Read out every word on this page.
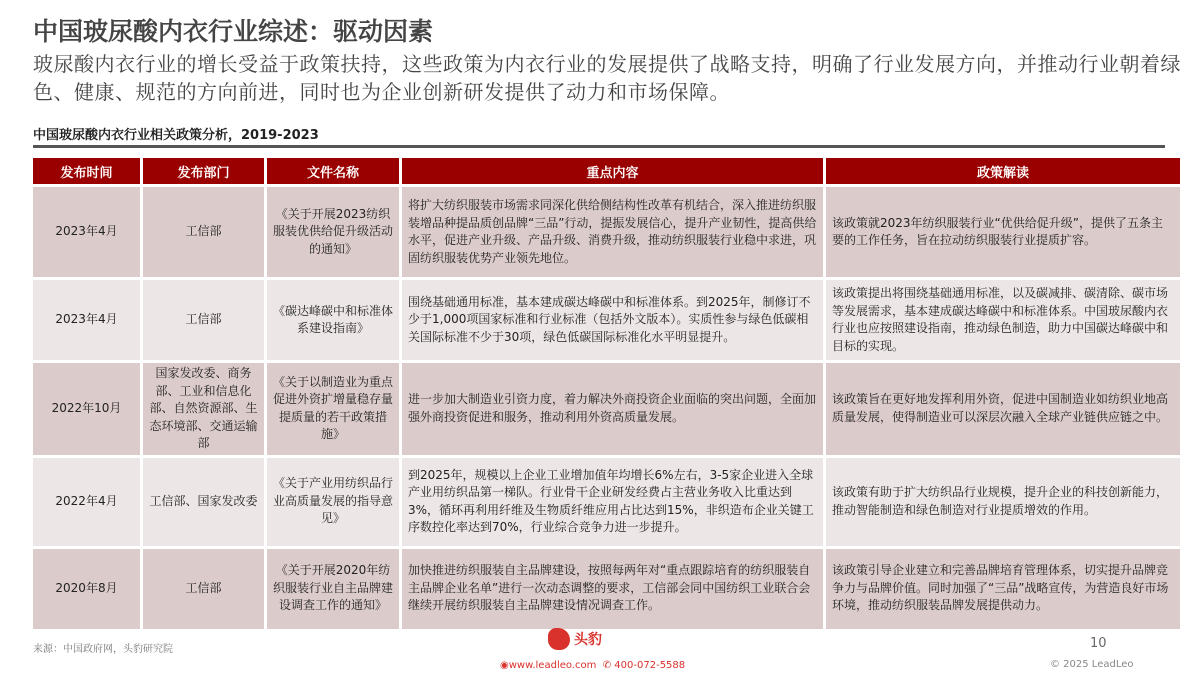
中国玻尿酸内衣行业综述：驱动因素
玻尿酸内衣行业的增长受益于政策扶持，这些政策为内衣行业的发展提供了战略支持，明确了行业发展方向，并推动行业朝着绿色、健康、规范的方向前进，同时也为企业创新研发提供了动力和市场保障。
中国玻尿酸内衣行业相关政策分析，2019-2023
发布时间	发布部门	文件名称	重点内容	政策解读
2023年4月	工信部	《关于开展2023纺织服装优供给促升级活动的通知》	将扩大纺织服装市场需求同深化供给侧结构性改革有机结合，深入推进纺织服装增品种提品质创品牌“三品”行动，提振发展信心，提升产业韧性，提高供给水平，促进产业升级、产品升级、消费升级，推动纺织服装行业稳中求进，巩固纺织服装优势产业领先地位。	该政策就2023年纺织服装行业“优供给促升级”，提供了五条主要的工作任务，旨在拉动纺织服装行业提质扩容。
2023年4月	工信部	《碳达峰碳中和标准体系建设指南》	围绕基础通用标准，基本建成碳达峰碳中和标准体系。到2025年，制修订不少于1,000项国家标准和行业标准（包括外文版本）。实质性参与绿色低碳相关国际标准不少于30项，绿色低碳国际标准化水平明显提升。	该政策提出将围绕基础通用标准，以及碳减排、碳清除、碳市场等发展需求，基本建成碳达峰碳中和标准体系。中国玻尿酸内衣行业也应按照建设指南，推动绿色制造，助力中国碳达峰碳中和目标的实现。
2022年10月	国家发改委、商务部、工业和信息化部、自然资源部、生态环境部、交通运输部	《关于以制造业为重点促进外资扩增量稳存量提质量的若干政策措施》	进一步加大制造业引资力度，着力解决外商投资企业面临的突出问题，全面加强外商投资促进和服务，推动利用外资高质量发展。	该政策旨在更好地发挥利用外资，促进中国制造业如纺织业地高质量发展，使得制造业可以深层次融入全球产业链供应链之中。
2022年4月	工信部、国家发改委	《关于产业用纺织品行业高质量发展的指导意见》	到2025年，规模以上企业工业增加值年均增长6%左右，3-5家企业进入全球产业用纺织品第一梯队。行业骨干企业研发经费占主营业务收入比重达到3%，循环再利用纤维及生物质纤维应用占比达到15%，非织造布企业关键工序数控化率达到70%，行业综合竞争力进一步提升。	该政策有助于扩大纺织品行业规模，提升企业的科技创新能力，推动智能制造和绿色制造对行业提质增效的作用。
2020年8月	工信部	《关于开展2020年纺织服装行业自主品牌建设调查工作的通知》	加快推进纺织服装自主品牌建设，按照每两年对“重点跟踪培育的纺织服装自主品牌企业名单”进行一次动态调整的要求，工信部会同中国纺织工业联合会继续开展纺织服装自主品牌建设情况调查工作。	该政策引导企业建立和完善品牌培育管理体系，切实提升品牌竞争力与品牌价值。同时加强了“三品”战略宣传，为营造良好市场环境，推动纺织服装品牌发展提供动力。
来源：中国政府网，头豹研究院
头豹
◉www.leadleo.com ✆ 400-072-5588
10
© 2025 LeadLeo
